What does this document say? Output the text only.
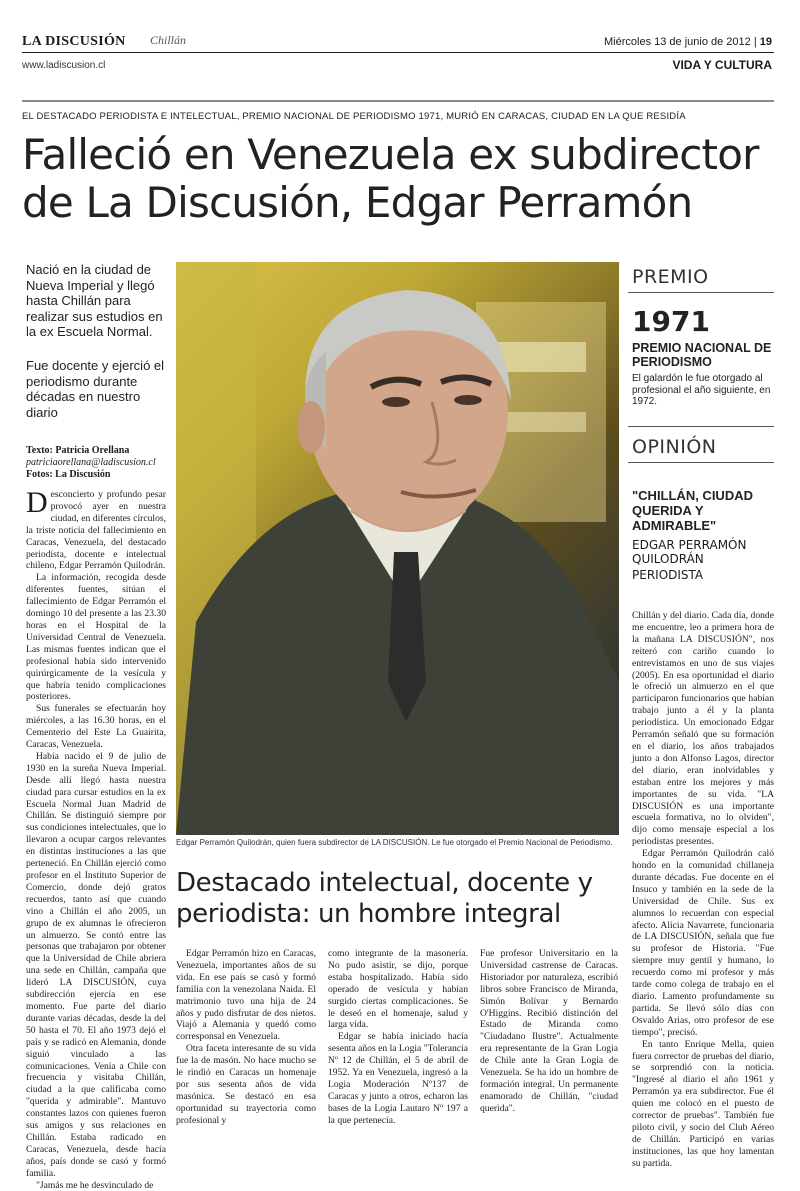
LA DISCUSIÓN Chillán	Miércoles 13 de junio de 2012 | 19
www.ladiscusion.cl	VIDA Y CULTURA
EL DESTACADO PERIODISTA E INTELECTUAL, PREMIO NACIONAL DE PERIODISMO 1971, MURIÓ EN CARACAS, CIUDAD EN LA QUE RESIDÍA
Falleció en Venezuela ex subdirector
de La Discusión, Edgar Perramón
Nació en la ciudad de Nueva Imperial y llegó hasta Chillán para realizar sus estudios en la ex Escuela Normal.
Fue docente y ejerció el periodismo durante décadas en nuestro diario
Texto: Patricia Orellana
patriciaorellana@ladiscusion.cl
Fotos: La Discusión

Desconcierto y profundo pesar provocó ayer en nuestra ciudad, en diferentes círculos, la triste noticia del fallecimiento en Caracas, Venezuela, del destacado periodista, docente e intelectual chileno, Edgar Perramón Quilodrán.

La información, recogida desde diferentes fuentes, sitúan el fallecimiento de Edgar Perramón el domingo 10 del presente a las 23.30 horas en el Hospital de la Universidad Central de Venezuela. Las mismas fuentes indican que el profesional había sido intervenido quirúrgicamente de la vesícula y que habría tenido complicaciones posteriores.

Sus funerales se efectuarán hoy miércoles, a las 16.30 horas, en el Cementerio del Este La Guairita, Caracas, Venezuela.

Había nacido el 9 de julio de 1930 en la sureña Nueva Imperial. Desde allí llegó hasta nuestra ciudad para cursar estudios en la ex Escuela Normal Juan Madrid de Chillán. Se distinguió siempre por sus condiciones intelectuales, que lo llevaron a ocupar cargos relevantes en distintas instituciones a las que perteneció. En Chillán ejerció como profesor en el Instituto Superior de Comercio, donde dejó gratos recuerdos, tanto así que cuando vino a Chillán el año 2005, un grupo de ex alumnas le ofrecieron un almuerzo. Se contó entre las personas que trabajaron por obtener que la Universidad de Chile abriera una sede en Chillán, campaña que lideró LA DISCUSIÓN, cuya subdirección ejercía en ese momento. Fue parte del diario durante varias décadas, desde la del 50 hasta el 70. El año 1973 dejó el país y se radicó en Alemania, donde siguió vinculado a las comunicaciones. Venía a Chile con frecuencia y visitaba Chillán, ciudad a la que calificaba como "querida y admirable". Mantuvo constantes lazos con quienes fueron sus amigos y sus relaciones en Chillán. Estaba radicado en Caracas, Venezuela, desde hacía años, país donde se casó y formó familia.

"Jamás me he desvinculado de

Edgar Perramón Quilodrán, quien fuera subdirector de LA DISCUSIÓN. Le fue otorgado el Premio Nacional de Periodismo.
Destacado intelectual, docente y periodista: un hombre integral

Edgar Perramón hizo en Caracas, Venezuela, importantes años de su vida. En ese país se casó y formó familia con la venezolana Naida. El matrimonio tuvo una hija de 24 años y pudo disfrutar de dos nietos. Viajó a Alemania y quedó como corresponsal en Venezuela.

Otra faceta interesante de su vida fue la de masón. No hace mucho se le rindió en Caracas un homenaje por sus sesenta años de vida masónica. Se destacó en esa oportunidad su trayectoria como profesional y

como integrante de la masonería. No pudo asistir, se dijo, porque estaba hospitalizado. Había sido operado de vesícula y habían surgido ciertas complicaciones. Se le deseó en el homenaje, salud y larga vida.

Edgar se había iniciado hacía sesenta años en la Logia "Tolerancia Nº 12 de Chillán, el 5 de abril de 1952. Ya en Venezuela, ingresó a la Logia Moderación Nº137 de Caracas y junto a otros, echaron las bases de la Logia Lautaro Nº 197 a la que pertenecía.

Fue profesor Universitario en la Universidad castrense de Caracas. Historiador por naturaleza, escribió libros sobre Francisco de Miranda, Simón Bolívar y Bernardo O'Higgins. Recibió distinción del Estado de Miranda como "Ciudadano Ilustre". Actualmente era representante de la Gran Logia de Chile ante la Gran Logia de Venezuela. Se ha ido un hombre de formación integral. Un permanente enamorado de Chillán, "ciudad querida".

PREMIO
1971
PREMIO NACIONAL DE PERIODISMO
El galardón le fue otorgado al profesional el año siguiente, en 1972.
OPINIÓN
"CHILLÁN, CIUDAD QUERIDA Y ADMIRABLE"
EDGAR PERRAMÓN QUILODRÁN
PERIODISTA

Chillán y del diario. Cada día, donde me encuentre, leo a primera hora de la mañana LA DISCUSIÓN", nos reiteró con cariño cuando lo entrevistamos en uno de sus viajes (2005). En esa oportunidad el diario le ofreció un almuerzo en el que participaron funcionarios que habían trabajo junto a él y la planta periodística. Un emocionado Edgar Perramón señaló que su formación en el diario, los años trabajados junto a don Alfonso Lagos, director del diario, eran inolvidables y estaban entre los mejores y más importantes de su vida. "LA DISCUSIÓN es una importante escuela formativa, no lo olviden", dijo como mensaje especial a los periodistas presentes.

Edgar Perramón Quilodrán caló hondo en la comunidad chillaneja durante décadas. Fue docente en el Insuco y también en la sede de la Universidad de Chile. Sus ex alumnos lo recuerdan con especial afecto. Alicia Navarrete, funcionaria de LA DISCUSIÓN, señala que fue su profesor de Historia. "Fue siempre muy gentil y humano, lo recuerdo como mi profesor y más tarde como colega de trabajo en el diario. Lamento profundamente su partida. Se llevó sólo días con Osvaldo Arias, otro profesor de ese tiempo", precisó.

En tanto Enrique Mella, quien fuera corrector de pruebas del diario, se sorprendió con la noticia. "Ingresé al diario el año 1961 y Perramón ya era subdirector. Fue él quien me colocó en el puesto de corrector de pruebas". También fue piloto civil, y socio del Club Aéreo de Chillán. Participó en varias instituciones, las que hoy lamentan su partida.
